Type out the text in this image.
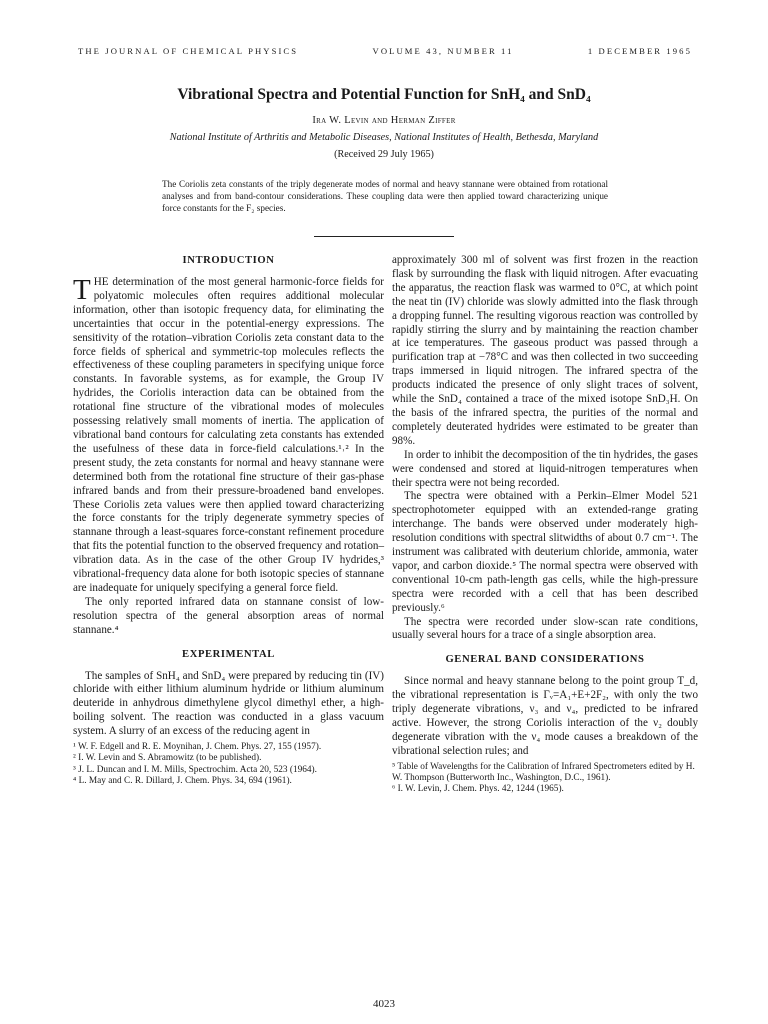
THE JOURNAL OF CHEMICAL PHYSICS	VOLUME 43, NUMBER 11	1 DECEMBER 1965
Vibrational Spectra and Potential Function for SnH₄ and SnD₄
Ira W. Levin and Herman Ziffer
National Institute of Arthritis and Metabolic Diseases, National Institutes of Health, Bethesda, Maryland
(Received 29 July 1965)
The Coriolis zeta constants of the triply degenerate modes of normal and heavy stannane were obtained from rotational analyses and from band-contour considerations. These coupling data were then applied toward characterizing unique force constants for the F₂ species.
INTRODUCTION

THE determination of the most general harmonic-force fields for polyatomic molecules often requires additional molecular information, other than isotopic frequency data, for eliminating the uncertainties that occur in the potential-energy expressions. The sensitivity of the rotation–vibration Coriolis zeta constant data to the force fields of spherical and symmetric-top molecules reflects the effectiveness of these coupling parameters in specifying unique force constants. In favorable systems, as for example, the Group IV hydrides, the Coriolis interaction data can be obtained from the rotational fine structure of the vibrational modes of molecules possessing relatively small moments of inertia. The application of vibrational band contours for calculating zeta constants has extended the usefulness of these data in force-field calculations.¹˒² In the present study, the zeta constants for normal and heavy stannane were determined both from the rotational fine structure of their gas-phase infrared bands and from their pressure-broadened band envelopes. These Coriolis zeta values were then applied toward characterizing the force constants for the triply degenerate symmetry species of stannane through a least-squares force-constant refinement procedure that fits the potential function to the observed frequency and rotation–vibration data. As in the case of the other Group IV hydrides,³ vibrational-frequency data alone for both isotopic species of stannane are inadequate for uniquely specifying a general force field.

The only reported infrared data on stannane consist of low-resolution spectra of the general absorption areas of normal stannane.⁴

EXPERIMENTAL

The samples of SnH₄ and SnD₄ were prepared by reducing tin (IV) chloride with either lithium aluminum hydride or lithium aluminum deuteride in anhydrous dimethylene glycol dimethyl ether, a high-boiling solvent. The reaction was conducted in a glass vacuum system. A slurry of an excess of the reducing agent in

¹ W. F. Edgell and R. E. Moynihan, J. Chem. Phys. 27, 155 (1957).

² I. W. Levin and S. Abramowitz (to be published).

³ J. L. Duncan and I. M. Mills, Spectrochim. Acta 20, 523 (1964).

⁴ L. May and C. R. Dillard, J. Chem. Phys. 34, 694 (1961).

approximately 300 ml of solvent was first frozen in the reaction flask by surrounding the flask with liquid nitrogen. After evacuating the apparatus, the reaction flask was warmed to 0°C, at which point the neat tin (IV) chloride was slowly admitted into the flask through a dropping funnel. The resulting vigorous reaction was controlled by rapidly stirring the slurry and by maintaining the reaction chamber at ice temperatures. The gaseous product was passed through a purification trap at −78°C and was then collected in two succeeding traps immersed in liquid nitrogen. The infrared spectra of the products indicated the presence of only slight traces of solvent, while the SnD₄ contained a trace of the mixed isotope SnD₃H. On the basis of the infrared spectra, the purities of the normal and completely deuterated hydrides were estimated to be greater than 98%.

In order to inhibit the decomposition of the tin hydrides, the gases were condensed and stored at liquid-nitrogen temperatures when their spectra were not being recorded.

The spectra were obtained with a Perkin–Elmer Model 521 spectrophotometer equipped with an extended-range grating interchange. The bands were observed under moderately high-resolution conditions with spectral slitwidths of about 0.7 cm⁻¹. The instrument was calibrated with deuterium chloride, ammonia, water vapor, and carbon dioxide.⁵ The normal spectra were observed with conventional 10-cm path-length gas cells, while the high-pressure spectra were recorded with a cell that has been described previously.⁶

The spectra were recorded under slow-scan rate conditions, usually several hours for a trace of a single absorption area.

GENERAL BAND CONSIDERATIONS

Since normal and heavy stannane belong to the point group T_d, the vibrational representation is Γᵥ=A₁+E+2F₂, with only the two triply degenerate vibrations, ν₃ and ν₄, predicted to be infrared active. However, the strong Coriolis interaction of the ν₂ doubly degenerate vibration with the ν₄ mode causes a breakdown of the vibrational selection rules; and

⁵ Table of Wavelengths for the Calibration of Infrared Spectrometers edited by H. W. Thompson (Butterworth Inc., Washington, D.C., 1961).

⁶ I. W. Levin, J. Chem. Phys. 42, 1244 (1965).

4023
